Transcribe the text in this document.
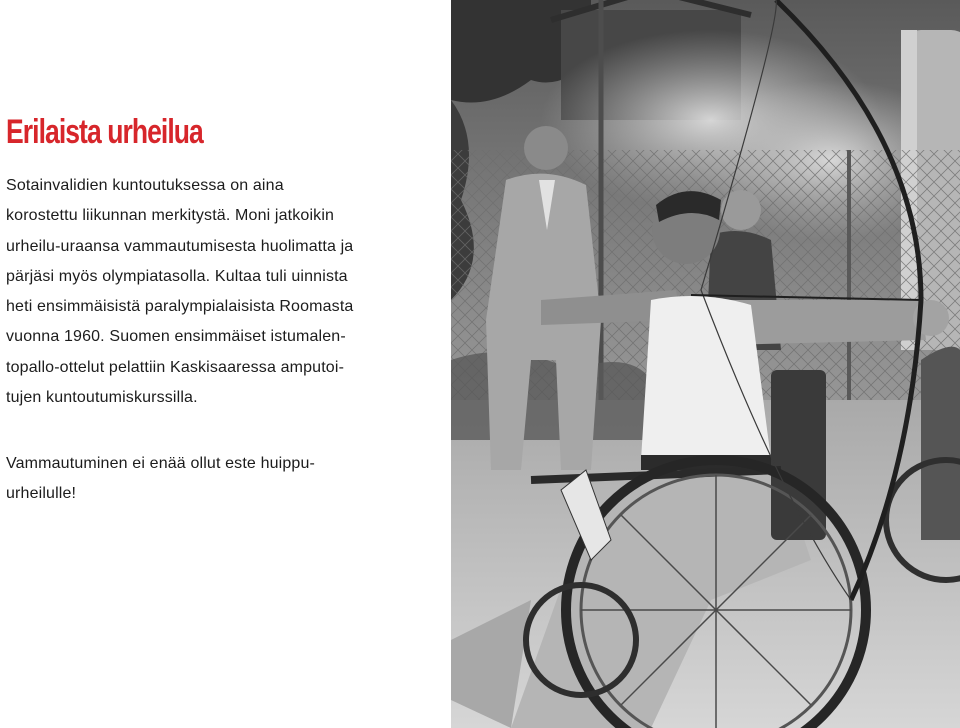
Erilaista urheilua

Sotainvalidien kuntoutuksessa on aina
korostettu liikunnan merkitystä. Moni jatkoikin
urheilu-uraansa vammautumisesta huolimatta ja
pärjäsi myös olympiatasolla. Kultaa tuli uinnista
heti ensimmäisistä paralympialaisista Roomasta
vuonna 1960. Suomen ensimmäiset istumalen-
topallo-ottelut pelattiin Kaskisaaressa amputoi-
tujen kuntoutumiskurssilla.

Vammautuminen ei enää ollut este huippu-
urheilulle!
